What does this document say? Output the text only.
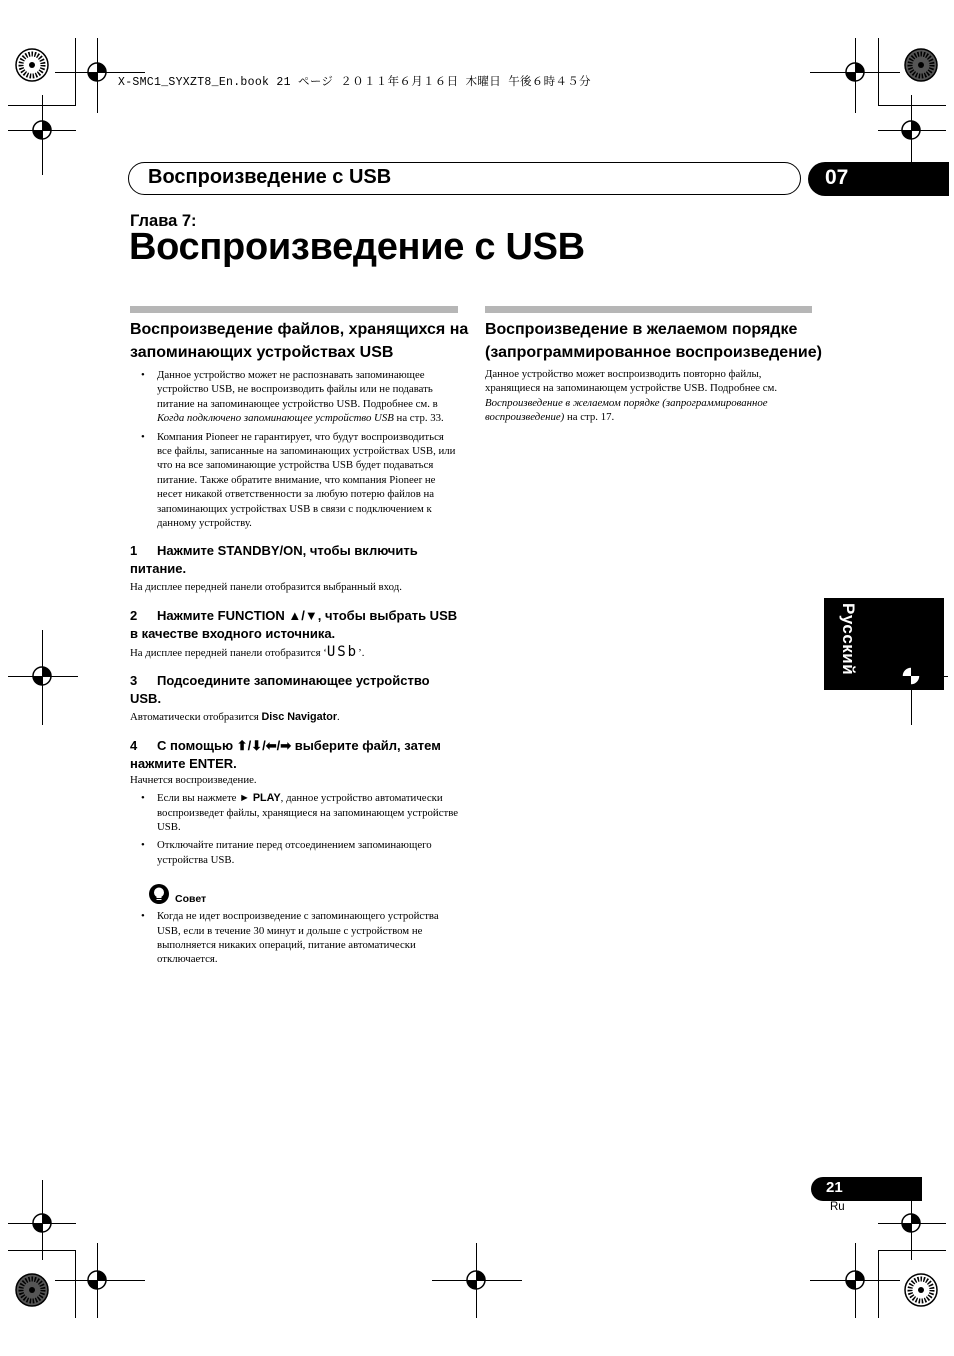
X-SMC1_SYXZT8_En.book 21 ページ ２０１１年６月１６日 木曜日 午後６時４５分
Воспроизведение с USB	07
Глава 7:
Воспроизведение с USB
Воспроизведение файлов, хранящихся на запоминающих устройствах USB
• Данное устройство может не распознавать запоминающее устройство USB, не воспроизводить файлы или не подавать питание на запоминающее устройство USB. Подробнее см. в Когда подключено запоминающее устройство USB на стр. 33.
• Компания Pioneer не гарантирует, что будут воспроизводиться все файлы, записанные на запоминающих устройствах USB, или что на все запоминающие устройства USB будет подаваться питание. Также обратите внимание, что компания Pioneer не несет никакой ответственности за любую потерю файлов на запоминающих устройствах USB в связи с подключением к данному устройству.
1 Нажмите STANDBY/ON, чтобы включить питание.
На дисплее передней панели отобразится выбранный вход.
2 Нажмите FUNCTION ▲/▼, чтобы выбрать USB в качестве входного источника.
На дисплее передней панели отобразится ‘USb’.
3 Подсоедините запоминающее устройство USB.
Автоматически отобразится Disc Navigator.
4 С помощью ⬆/⬇/⬅/➡ выберите файл, затем нажмите ENTER.
Начнется воспроизведение.
• Если вы нажмете ► PLAY, данное устройство автоматически воспроизведет файлы, хранящиеся на запоминающем устройстве USB.
• Отключайте питание перед отсоединением запоминающего устройства USB.
Совет
• Когда не идет воспроизведение с запоминающего устройства USB, если в течение 30 минут и дольше с устройством не выполняется никаких операций, питание автоматически отключается.
Воспроизведение в желаемом порядке (запрограммированное воспроизведение)
Данное устройство может воспроизводить повторно файлы, хранящиеся на запоминающем устройстве USB. Подробнее см. Воспроизведение в желаемом порядке (запрограммированное воспроизведение) на стр. 17.
Русский
21
Ru
